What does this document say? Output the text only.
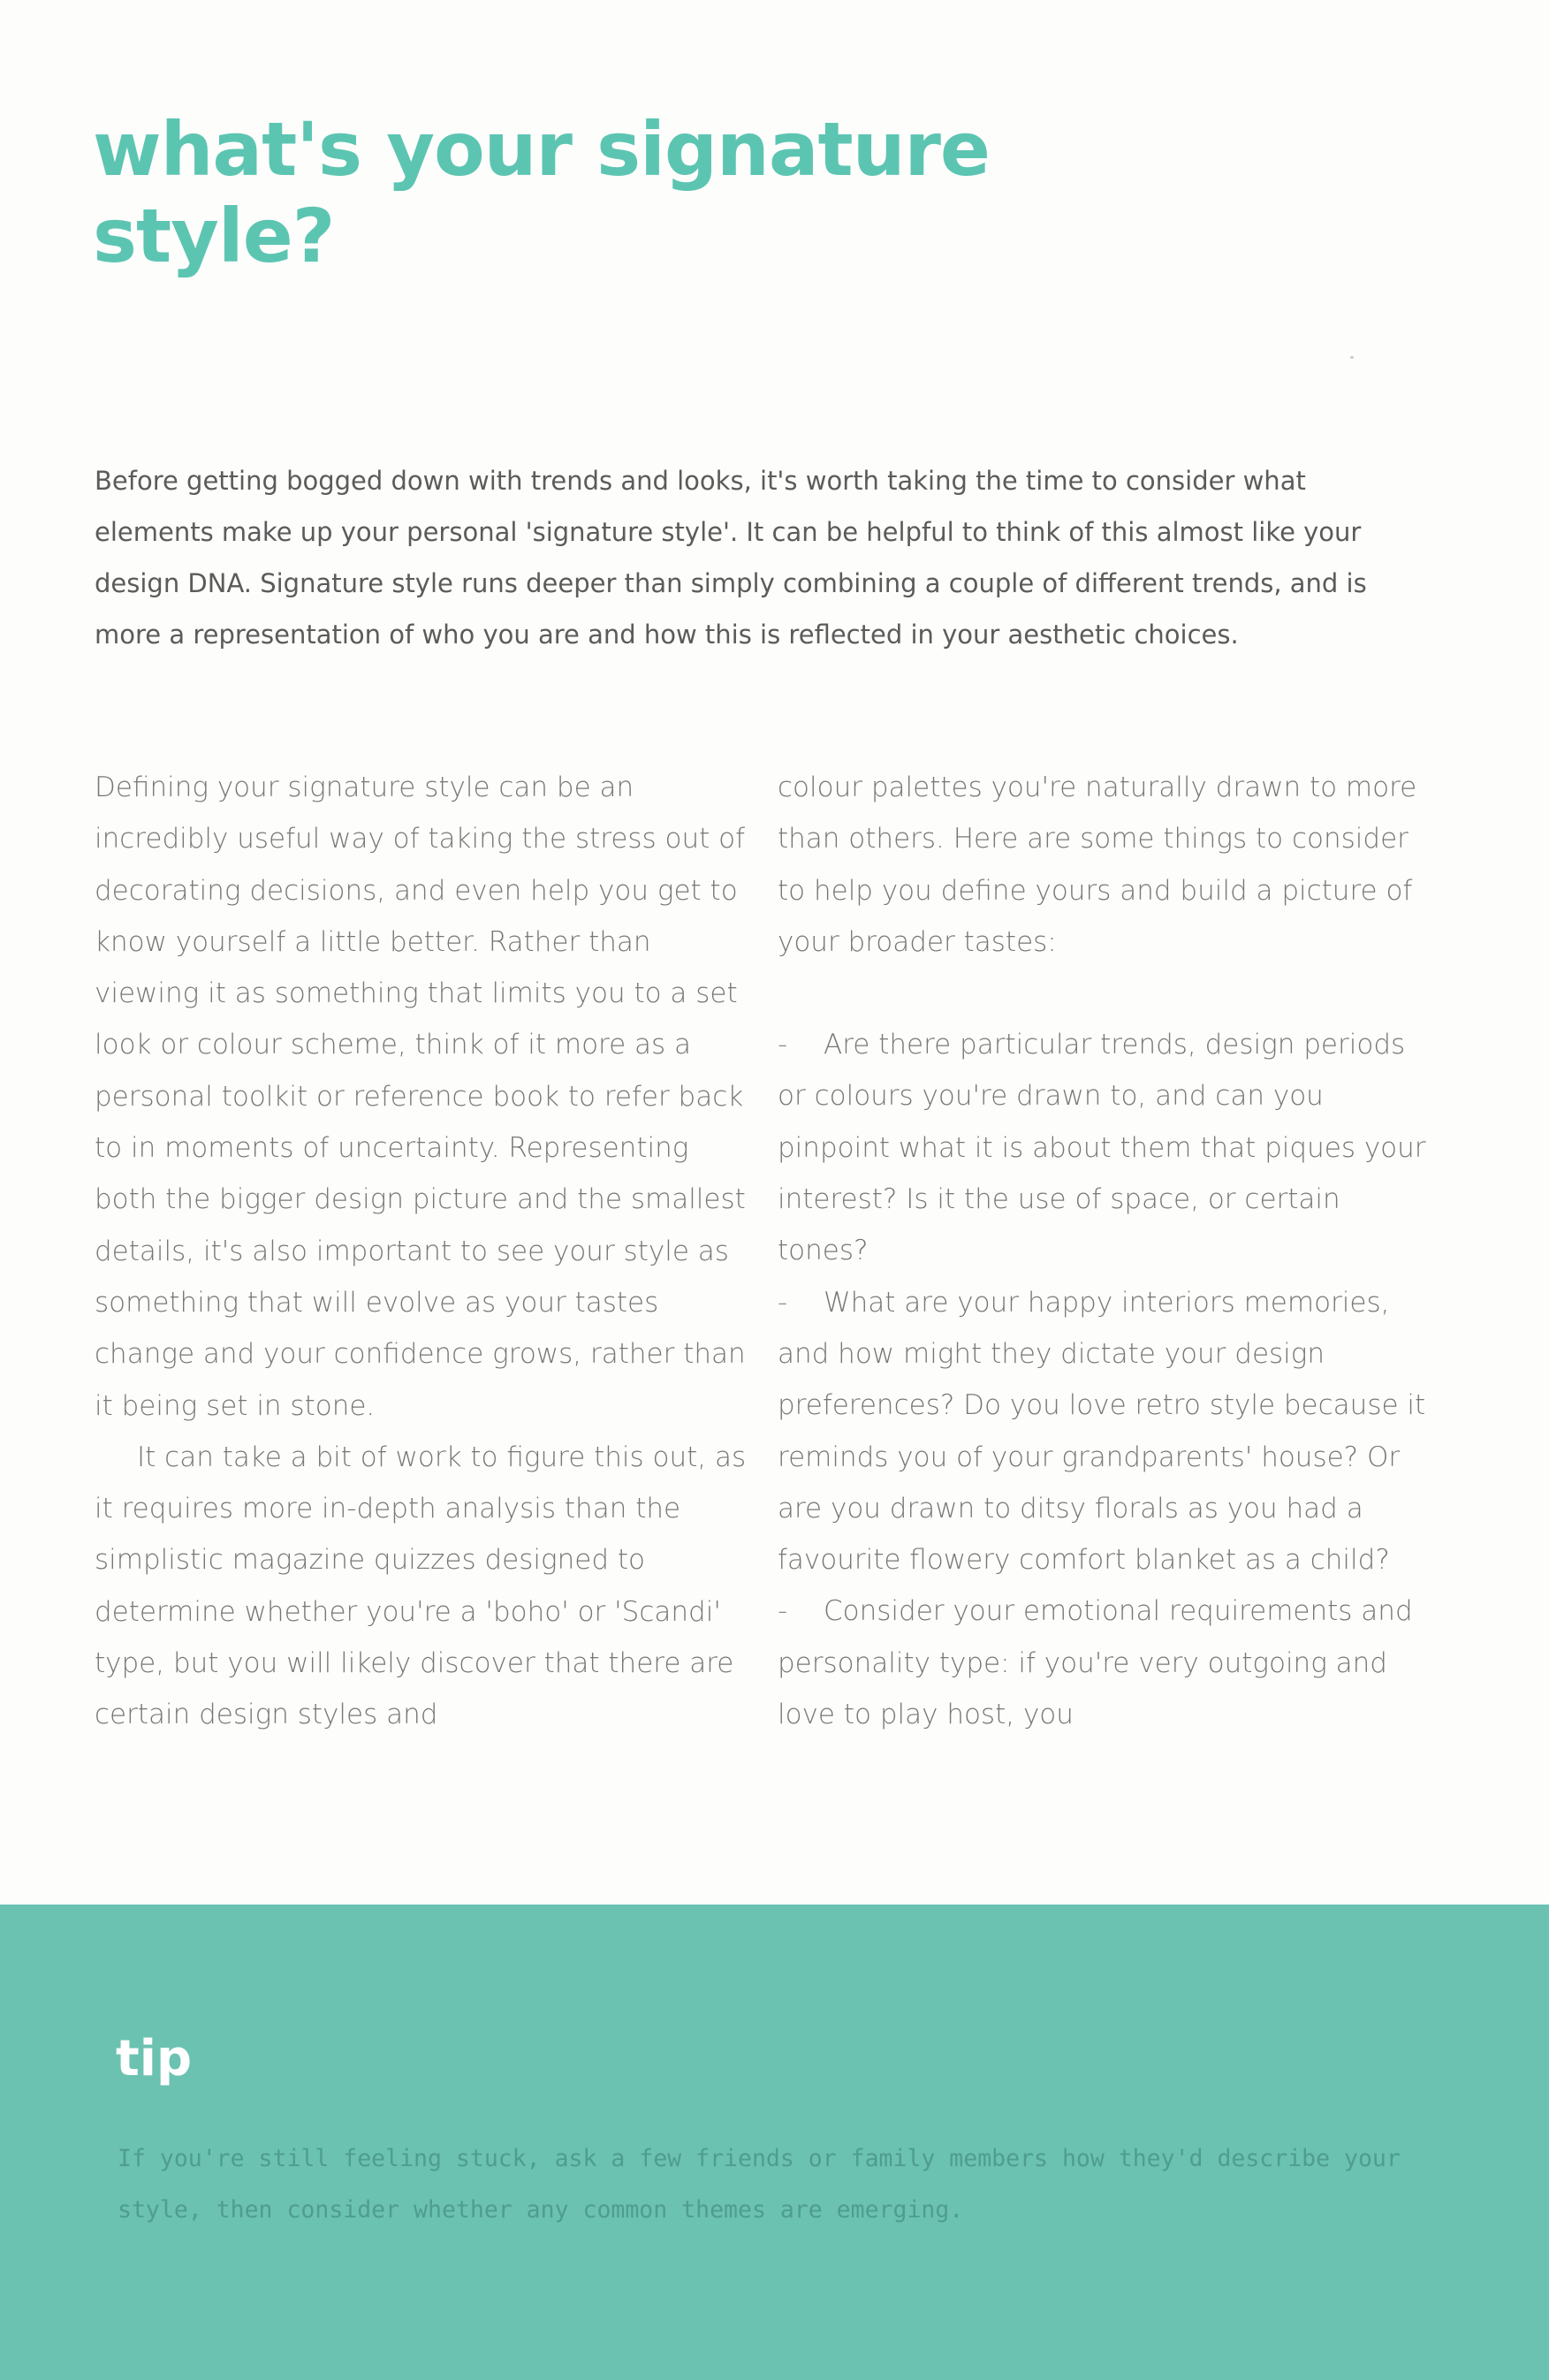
what's your signature style?

Before getting bogged down with trends and looks, it's worth taking the time to consider what elements make up your personal 'signature style'. It can be helpful to think of this almost like your design DNA. Signature style runs deeper than simply combining a couple of different trends, and is more a representation of who you are and how this is reflected in your aesthetic choices.

Defining your signature style can be an incredibly useful way of taking the stress out of decorating decisions, and even help you get to know yourself a little better. Rather than viewing it as something that limits you to a set look or colour scheme, think of it more as a personal toolkit or reference book to refer back to in moments of uncertainty. Representing both the bigger design picture and the smallest details, it's also important to see your style as something that will evolve as your tastes change and your confidence grows, rather than it being set in stone.

It can take a bit of work to figure this out, as it requires more in-depth analysis than the simplistic magazine quizzes designed to determine whether you're a 'boho' or 'Scandi' type, but you will likely discover that there are certain design styles and

colour palettes you're naturally drawn to more than others. Here are some things to consider to help you define yours and build a picture of your broader tastes:

- Are there particular trends, design periods or colours you're drawn to, and can you pinpoint what it is about them that piques your interest? Is it the use of space, or certain tones?

- What are your happy interiors memories, and how might they dictate your design preferences? Do you love retro style because it reminds you of your grandparents' house? Or are you drawn to ditsy florals as you had a favourite flowery comfort blanket as a child?

- Consider your emotional requirements and personality type: if you're very outgoing and love to play host, you

tip

If you're still feeling stuck, ask a few friends or family members how they'd describe your style, then consider whether any common themes are emerging.
